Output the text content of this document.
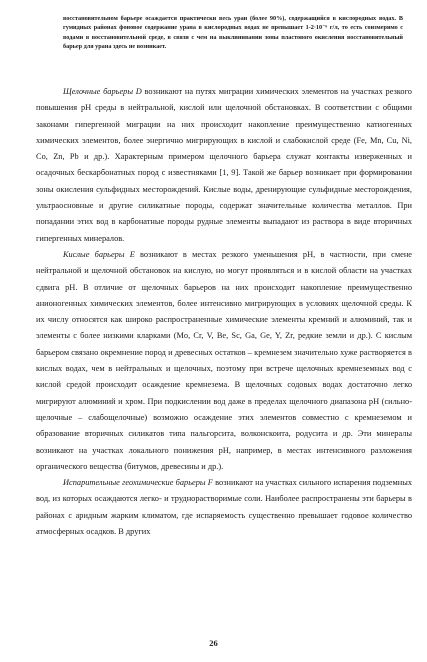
восстановительном барьере осаждается практически весь уран (более 90%), содержащийся в кислородных водах. В гумидных районах фоновое содержание урана в кислородных водах не превышает 1-2·10⁻⁶ г/л, то есть соизмеримо с водами в восстановительной среде, в связи с чем на выклинивании зоны пластового окисления восстановительный барьер для урана здесь не возникает.

Щелочные барьеры D возникают на путях миграции химических элементов на участках резкого повышения pH среды в нейтральной, кислой или щелочной обстановках. В соответствии с общими законами гипергенной миграции на них происходит накопление преимущественно катиогенных химических элементов, более энергично мигрирующих в кислой и слабокислой среде (Fe, Mn, Cu, Ni, Co, Zn, Pb и др.). Характерным примером щелочного барьера служат контакты изверженных и осадочных бескарбонатных пород с известняками [1, 9]. Такой же барьер возникает при формировании зоны окисления сульфидных месторождений. Кислые воды, дренирующие сульфидные месторождения, ультраосновные и другие силикатные породы, содержат значительные количества металлов. При попадании этих вод в карбонатные породы рудные элементы выпадают из раствора в виде вторичных гипергенных минералов.

Кислые барьеры E возникают в местах резкого уменьшения pH, в частности, при смене нейтральной и щелочной обстановок на кислую, но могут проявляться и в кислой области на участках сдвига pH. В отличие от щелочных барьеров на них происходит накопление преимущественно анионогенных химических элементов, более интенсивно мигрирующих в условиях щелочной среды. К их числу относятся как широко распространенные химические элементы кремний и алюминий, так и элементы с более низкими кларками (Mo, Cr, V, Be, Sc, Ga, Ge, Y, Zr, редкие земли и др.). С кислым барьером связано окремнение пород и древесных остатков – кремнезем значительно хуже растворяется в кислых водах, чем в нейтральных и щелочных, поэтому при встрече щелочных кремнеземных вод с кислой средой происходит осаждение кремнезема. В щелочных содовых водах достаточно легко мигрируют алюминий и хром. При подкислении вод даже в пределах щелочного диапазона pH (сильно-щелочные – слабощелочные) возможно осаждение этих элементов совместно с кремнеземом и образование вторичных силикатов типа пальгорсита, волконскоита, родусита и др. Эти минералы возникают на участках локального понижения pH, например, в местах интенсивного разложения органического вещества (битумов, древесины и др.).

Испарительные геохимические барьеры F возникают на участках сильного испарения подземных вод, из которых осаждаются легко- и труднорастворимые соли. Наиболее распространены эти барьеры в районах с аридным жарким климатом, где испаряемость существенно превышает годовое количество атмосферных осадков. В других

26
